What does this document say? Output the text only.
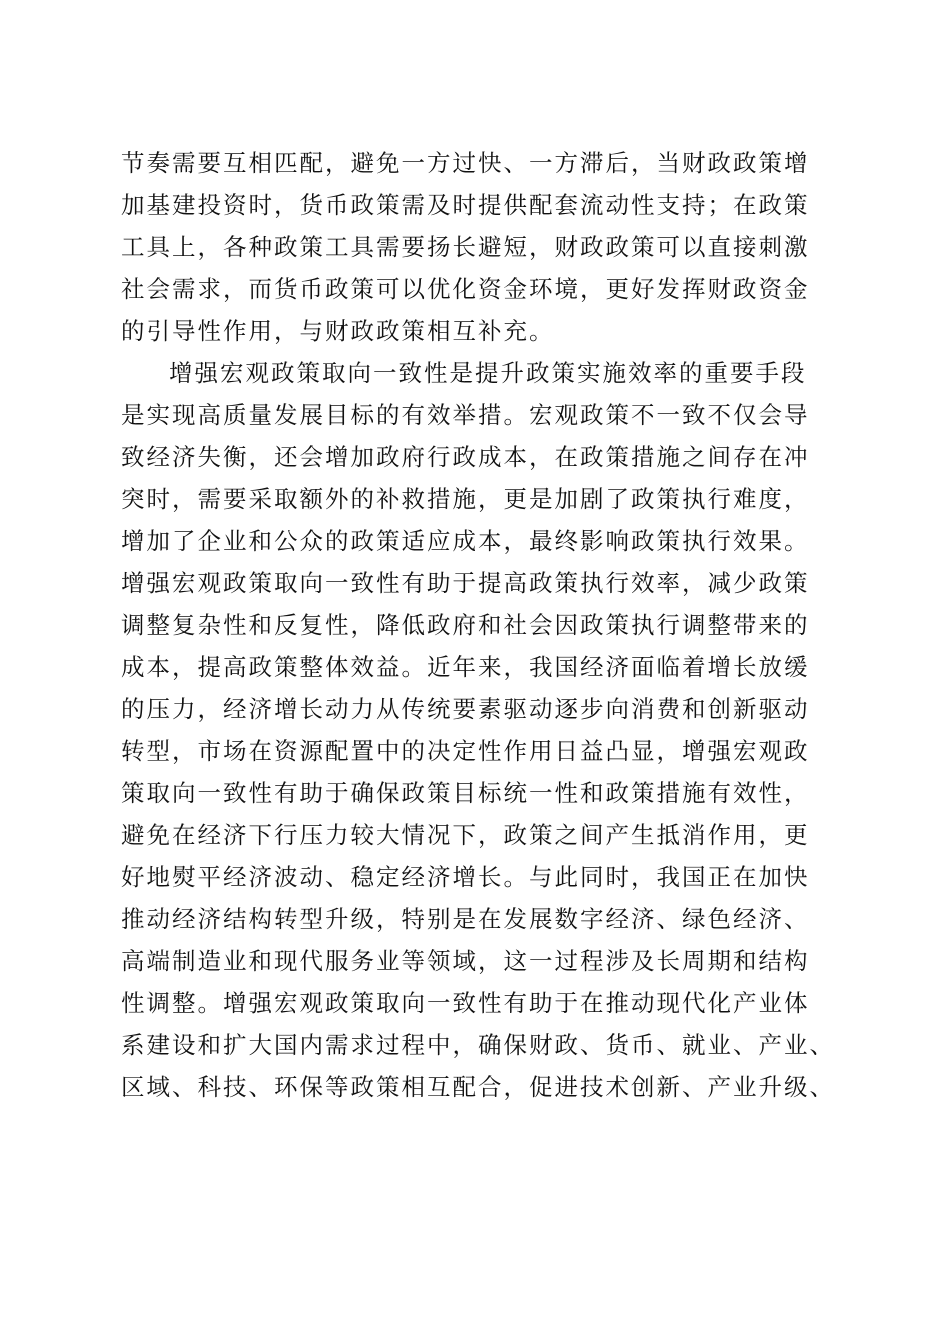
节奏需要互相匹配，避免一方过快、一方滞后，当财政政策增
加基建投资时，货币政策需及时提供配套流动性支持；在政策
工具上，各种政策工具需要扬长避短，财政政策可以直接刺激
社会需求，而货币政策可以优化资金环境，更好发挥财政资金
的引导性作用，与财政政策相互补充。
增强宏观政策取向一致性是提升政策实施效率的重要手段
是实现高质量发展目标的有效举措。宏观政策不一致不仅会导
致经济失衡，还会增加政府行政成本，在政策措施之间存在冲
突时，需要采取额外的补救措施，更是加剧了政策执行难度，
增加了企业和公众的政策适应成本，最终影响政策执行效果。
增强宏观政策取向一致性有助于提高政策执行效率，减少政策
调整复杂性和反复性，降低政府和社会因政策执行调整带来的
成本，提高政策整体效益。近年来，我国经济面临着增长放缓
的压力，经济增长动力从传统要素驱动逐步向消费和创新驱动
转型，市场在资源配置中的决定性作用日益凸显，增强宏观政
策取向一致性有助于确保政策目标统一性和政策措施有效性，
避免在经济下行压力较大情况下，政策之间产生抵消作用，更
好地熨平经济波动、稳定经济增长。与此同时，我国正在加快
推动经济结构转型升级，特别是在发展数字经济、绿色经济、
高端制造业和现代服务业等领域，这一过程涉及长周期和结构
性调整。增强宏观政策取向一致性有助于在推动现代化产业体
系建设和扩大国内需求过程中，确保财政、货币、就业、产业、
区域、科技、环保等政策相互配合，促进技术创新、产业升级、
